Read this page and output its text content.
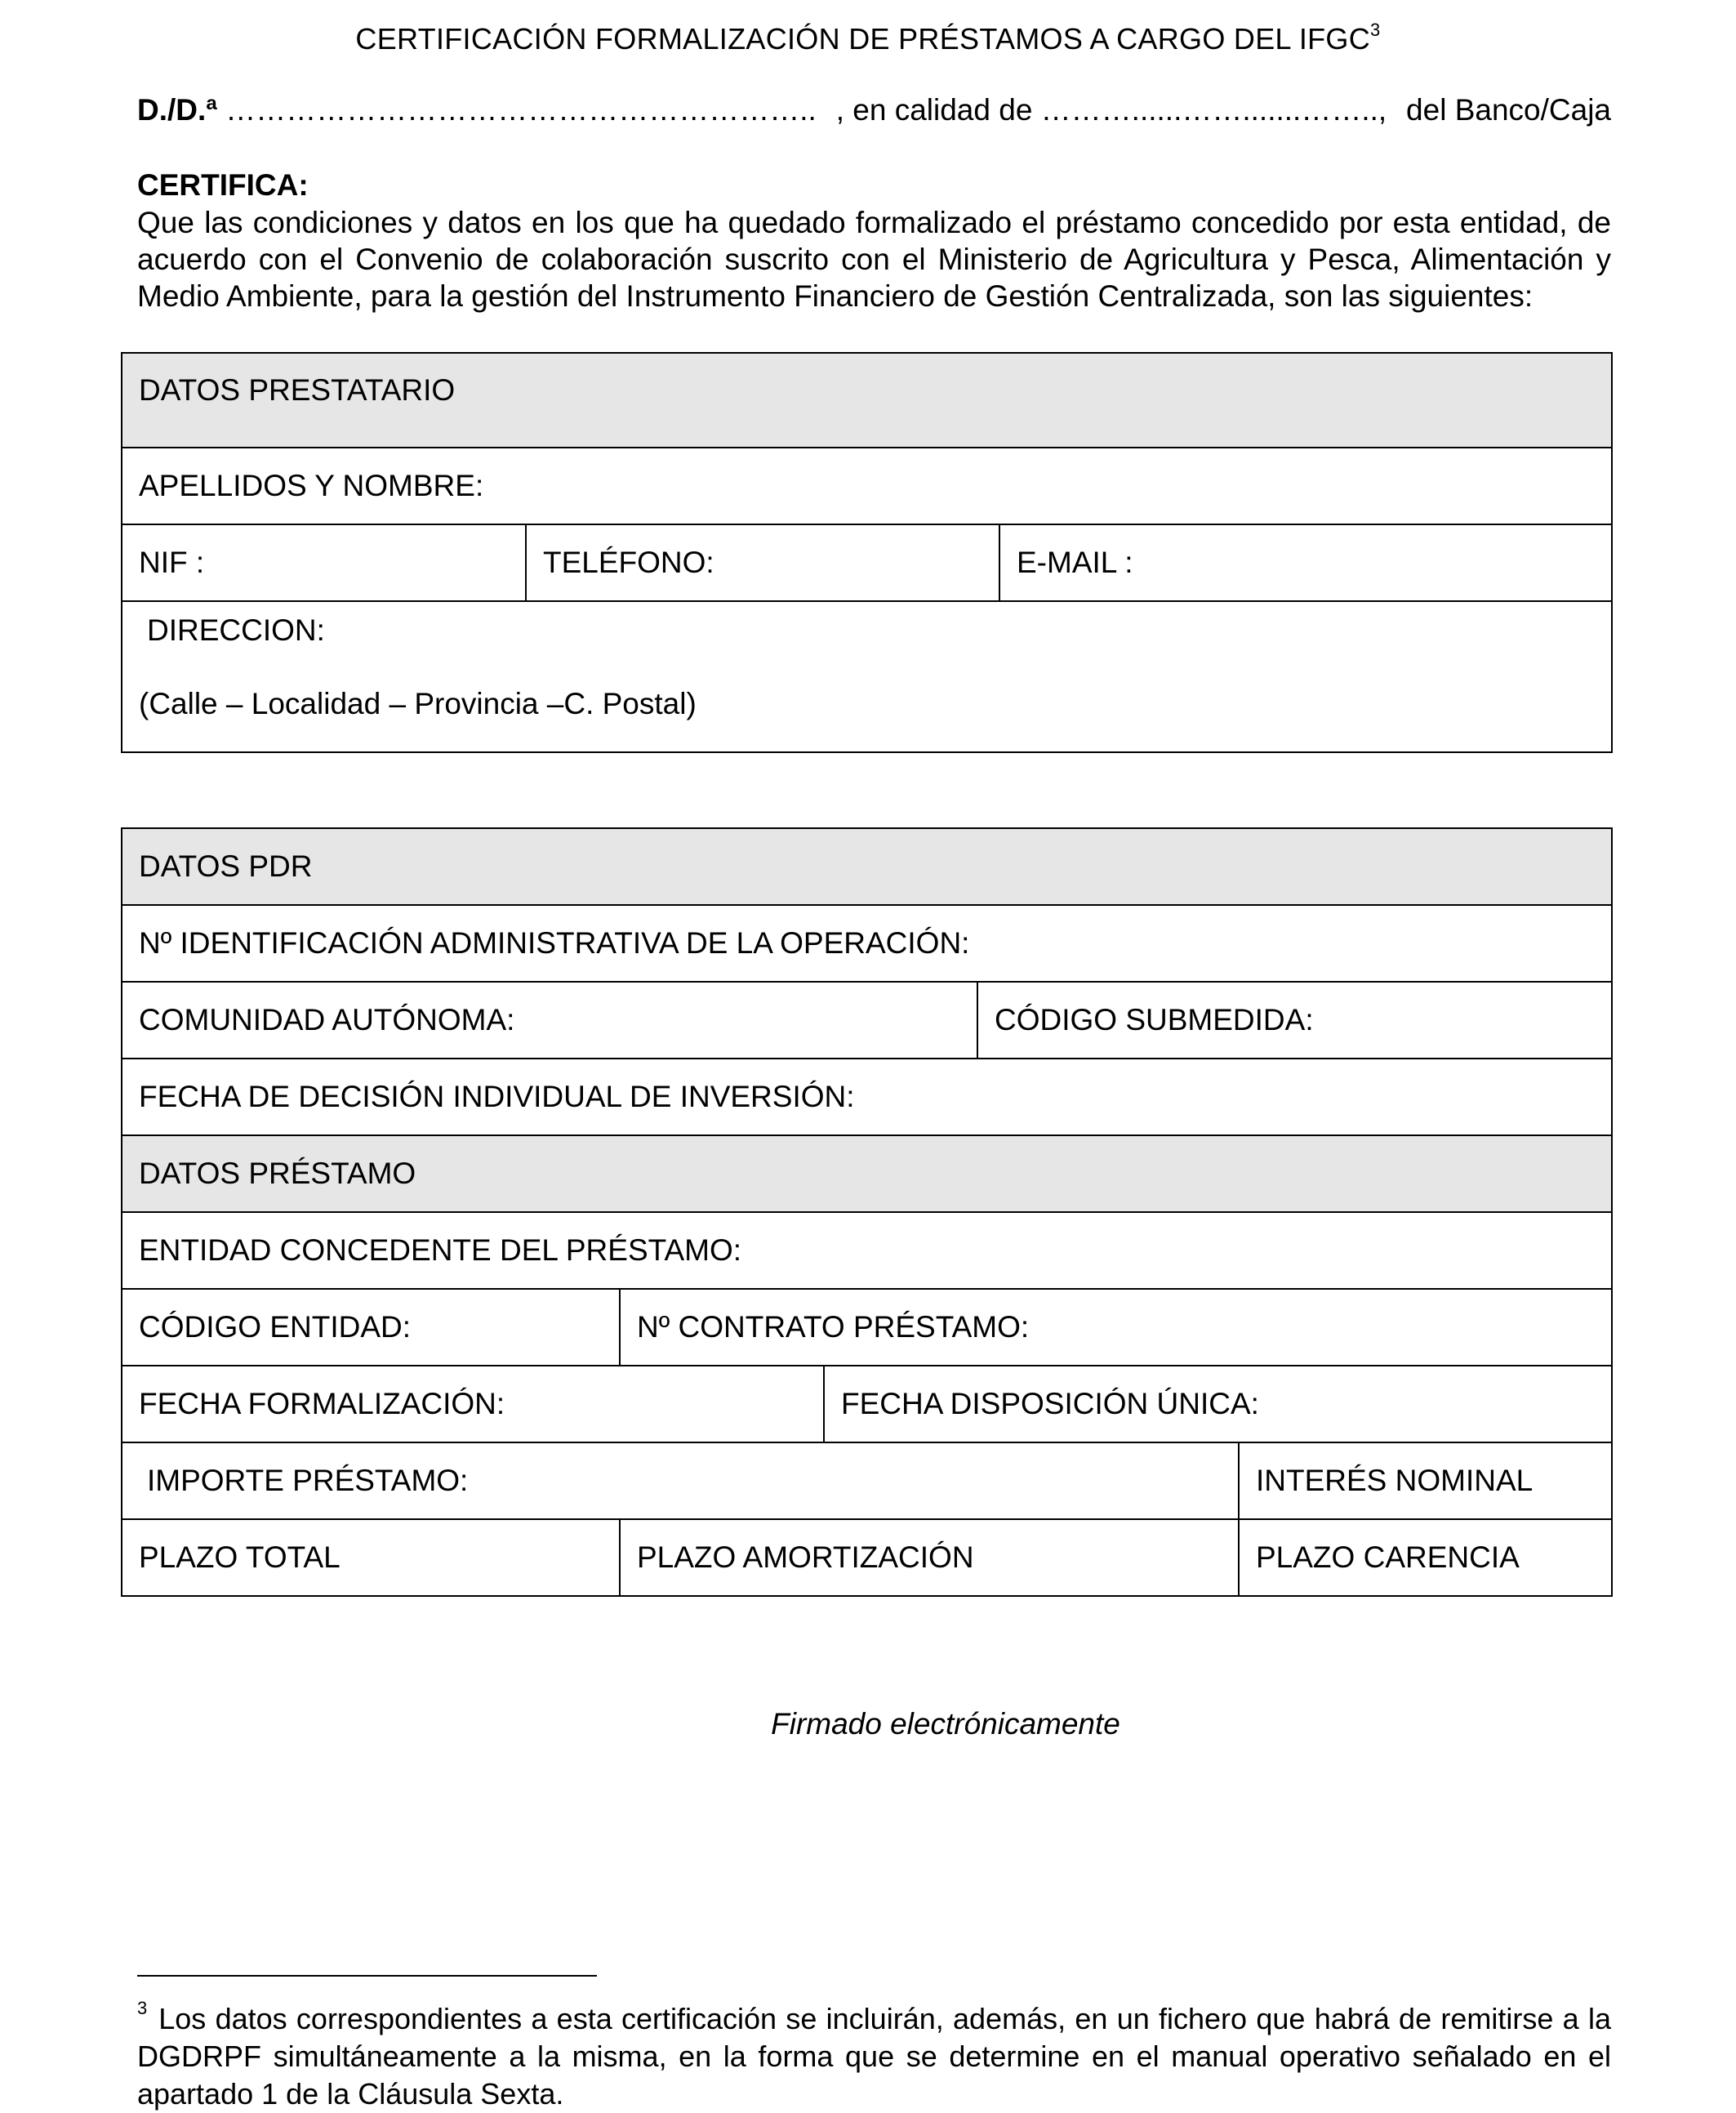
CERTIFICACIÓN FORMALIZACIÓN DE PRÉSTAMOS A CARGO DEL IFGC$^3$
D./D.ª ………………………………………………….. , en calidad de ………......…….......…….., del Banco/Caja
CERTIFICA:
Que las condiciones y datos en los que ha quedado formalizado el préstamo concedido por esta entidad, de acuerdo con el Convenio de colaboración suscrito con el Ministerio de Agricultura y Pesca, Alimentación y Medio Ambiente, para la gestión del Instrumento Financiero de Gestión Centralizada, son las siguientes:
DATOS PRESTATARIO
APELLIDOS Y NOMBRE:
NIF :	TELÉFONO:	E-MAIL :

DIRECCION:
(Calle – Localidad – Provincia –C. Postal)
DATOS PDR				
Nº IDENTIFICACIÓN ADMINISTRATIVA DE LA OPERACIÓN:				
COMUNIDAD AUTÓNOMA:			CÓDIGO SUBMEDIDA:	
FECHA DE DECISIÓN INDIVIDUAL DE INVERSIÓN:				
DATOS PRÉSTAMO				
ENTIDAD CONCEDENTE DEL PRÉSTAMO:				
CÓDIGO ENTIDAD:	Nº CONTRATO PRÉSTAMO:			
FECHA FORMALIZACIÓN:		FECHA DISPOSICIÓN ÚNICA:		
IMPORTE PRÉSTAMO:				INTERÉS NOMINAL
PLAZO TOTAL	PLAZO AMORTIZACIÓN			PLAZO CARENCIA
Firmado electrónicamente
$^3$ Los datos correspondientes a esta certificación se incluirán, además, en un fichero que habrá de remitirse a la DGDRPF simultáneamente a la misma, en la forma que se determine en el manual operativo señalado en el apartado 1 de la Cláusula Sexta.
